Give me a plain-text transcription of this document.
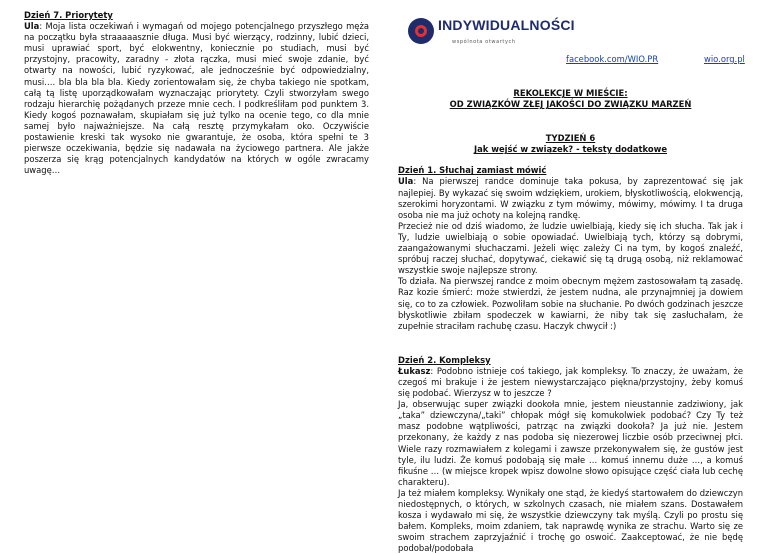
Dzień 7. Priorytety

Ula: Moja lista oczekiwań i wymagań od mojego potencjalnego przyszłego męża na początku była straaaaasznie długa. Musi być wierzący, rodzinny, lubić dzieci, musi uprawiać sport, być elokwentny, koniecznie po studiach, musi być przystojny, pracowity, zaradny - złota rączka, musi mieć swoje zdanie, być otwarty na nowości, lubić ryzykować, ale jednocześnie być odpowiedzialny, musi…. bla bla bla bla. Kiedy zorientowałam się, że chyba takiego nie spotkam, całą tą listę uporządkowałam wyznaczając priorytety. Czyli stworzyłam swego rodzaju hierarchię pożądanych przeze mnie cech. I podkreśliłam pod punktem 3. Kiedy kogoś poznawałam, skupiałam się już tylko na ocenie tego, co dla mnie samej było najważniejsze. Na całą resztę przymykałam oko. Oczywiście postawienie kreski tak wysoko nie gwarantuje, że osoba, która spełni te 3 pierwsze oczekiwania, będzie się nadawała na życiowego partnera. Ale jakże poszerza się krąg potencjalnych kandydatów na których w ogóle zwracamy uwagę…

INDYWIDUALNOŚCI
wspólnota otwartych
facebook.com/WIO.PR	wio.org.pl
REKOLEKCJE W MIEŚCIE:
OD ZWIĄZKÓW ZŁEJ JAKOŚCI DO ZWIĄZKU MARZEŃ
TYDZIEŃ 6
Jak wejść w związek? - teksty dodatkowe
Dzień 1. Słuchaj zamiast mówić

Ula: Na pierwszej randce dominuje taka pokusa, by zaprezentować się jak najlepiej. By wykazać się swoim wdziękiem, urokiem, błyskotliwością, elokwencją, szerokimi horyzontami. W związku z tym mówimy, mówimy, mówimy. I ta druga osoba nie ma już ochoty na kolejną randkę.

Przecież nie od dziś wiadomo, że ludzie uwielbiają, kiedy się ich słucha. Tak jak i Ty, ludzie uwielbiają o sobie opowiadać. Uwielbiają tych, którzy są dobrymi, zaangażowanymi słuchaczami. Jeżeli więc zależy Ci na tym, by kogoś znaleźć, spróbuj raczej słuchać, dopytywać, ciekawić się tą drugą osobą, niż reklamować wszystkie swoje najlepsze strony.

To działa. Na pierwszej randce z moim obecnym mężem zastosowałam tą zasadę. Raz kozie śmierć: może stwierdzi, że jestem nudna, ale przynajmniej ja dowiem się, co to za człowiek. Pozwoliłam sobie na słuchanie. Po dwóch godzinach jeszcze błyskotliwie zbiłam spodeczek w kawiarni, że niby tak się zasłuchałam, że zupełnie straciłam rachubę czasu. Haczyk chwycił :)

Dzień 2. Kompleksy

Łukasz: Podobno istnieje coś takiego, jak kompleksy. To znaczy, że uważam, że czegoś mi brakuje i że jestem niewystarczająco piękna/przystojny, żeby komuś się podobać. Wierzysz w to jeszcze ?

Ja, obserwując super związki dookoła mnie, jestem nieustannie zadziwiony, jak „taka” dziewczyna/„taki” chłopak mógł się komukolwiek podobać? Czy Ty też masz podobne wątpliwości, patrząc na związki dookoła? Ja już nie. Jestem przekonany, że każdy z nas podoba się niezerowej liczbie osób przeciwnej płci. Wiele razy rozmawiałem z kolegami i zawsze przekonywałem się, że gustów jest tyle, ilu ludzi. Że komuś podobają się małe … komuś innemu duże …, a komuś fikuśne … (w miejsce kropek wpisz dowolne słowo opisujące część ciała lub cechę charakteru).

Ja też miałem kompleksy. Wynikały one stąd, że kiedyś startowałem do dziewczyn niedostępnych, o których, w szkolnych czasach, nie miałem szans. Dostawałem kosza i wydawało mi się, że wszystkie dziewczyny tak myślą. Czyli po prostu się bałem. Kompleks, moim zdaniem, tak naprawdę wynika ze strachu. Warto się ze swoim strachem zaprzyjaźnić i trochę go oswoić. Zaakceptować, że nie będę podobał/podobała
